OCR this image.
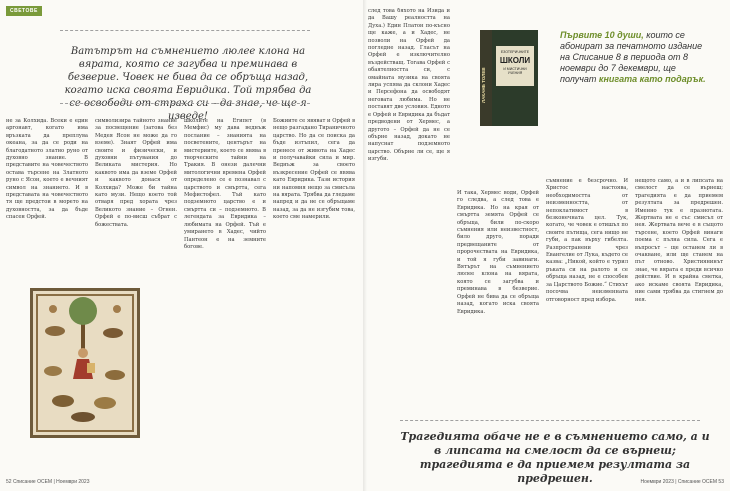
СВЕТОВЕ
Ватътрът на съмнението люлее клона на вярата, която се загубва и преминава в безверие. Човек не бива да се обръща назад, когато иска своята Евридика. Той трябва да се освободи от страха си – да знае, че ще я изведе!

не за Колхида. Всеки е един аргонавт, когато има връзката да преплува океана, за да се роди на благодатното златно руно от духовно знание. В представите на човечеството остава търсене на Златното руно с Ясон, което е вечният символ на знанието. И в представата на човечеството тя ще предстои в морето на духовността, за да бъде спасен Орфей.

символизира тайното знание за посвещение (затова без Медея Ясон не може да го вземе). Знаят Орфей има своите и физически, и духовни пътувания до Великата мистерия. Но каквото има да вземе Орфей и каквото донася от Колхида? Може би тайна като музи. Нещо което той отваря пред хората чрез Великото знание – Огнен. Орфей е по-висш събрат с божествата.

школите на Египет (в Мемфис) му дава веднъж послание – знанията на посветените, центърът на мистериите, което се явява в творческите тайни на Тракия. В онези далечни митологични времена Орфей определено се е познавал с царството и смъртта, сега Мефистофел. Тъй като подземното царство е и смъртта си – подземното. В легендата за Евридика – любимата на Орфей. Тъй е умирането в Хадес, чийто Пантеон е на земните богове.

Божиите се явяват и Орфей в нещо разгадано Тираничното царство. Но да се поиска да бъде изтъпил, сега да пренесе от живота на Хадес и получавайки сила и мир. Веднъж за своето възкресение Орфей се явява като Евридика. Тази история ни напомня нещо за смисъла на вярата. Трябва да гледаме напред и да не се обръщаме назад, за да не изгубим това, което сме намерили.

52 Списание ОСЕМ | Ноември 2023

след това бяхото на Изида и да Вашу реалността на Духа.) Един Платон по-късно ще каже, а и Хадес, не позволи на Орфей да погледне назад. Гласът на Орфей е изключително въздействащ. Тогава Орфей с обаятелността си, с омайната музика на своята лира успява да склони Хадес и Персефона да освободят неговата любима. Но не поставят две условия. Едното е Орфей и Евридика да бъдат предводени от Хермес, а другото – Орфей да не се обърне назад, докато не напуснат подземното царство. Обърне ли се, ще я изгуби.

И така, Хермес води, Орфей го следва, а след това е Евридика. Но на края от смъртта земята Орфей се обръща, били по-скоро съмнения или неизвестност, било друго, поради предвещаните от пророчествата на Евридика, и той я губи завинаги. Вятърът на съмнението люлее клона на вярата, която се загубва и преминава в безверие. Орфей не бива да се обръща назад, когато иска своята Евридика.

съмнение е безсрочно. И Христос настоява, необходимостта от неизменността, от непоклатимост в безконечната цел. Тук, когато, че човек е отишъл по своите пътища, сега нищо не губи, а пак върху гибелта. Разпространени чрез Евангелие от Лука, където се казва: „Никой, който е турил ръката си на ралото и се обръща назад, не е способен за Царството Божие.“ Стихът посочва неизменната отговорност пред избора.

нещото само, а и в липсата на смелост да се върнеш; трагедията е да приемем резултата за предрешен. Именно тук е празнотата. Жертвата не е със смисъл от нея. Жертвата вече е в същото търсене, което Орфей винаги поема с пълна сила. Сега е въпросът – ще останем ли в очакване, или ще станем на път отново. Християнинът знае, че вярата е преди всичко действие. И в крайна сметка, ако искаме своята Евридика, ние сами трябва да стигнем до нея.

ЕЗОТЕРИЧНИТЕ
ШКОЛИ
И МИСТИЧНИ УЧЕНИЯ
ЛАКАНБ ТОЛЕВ
Първите 10 души, които се абонират за печатното издание на Списание 8 в периода от 8 ноември до 7 декември, ще получат книгата като подарък.
Трагедията обаче не е в съмнението само, а и в липсата на смелост да се върнеш; трагедията е да приемем резултата за предрешен.	Ноември 2023 | Списание ОСЕМ 53
